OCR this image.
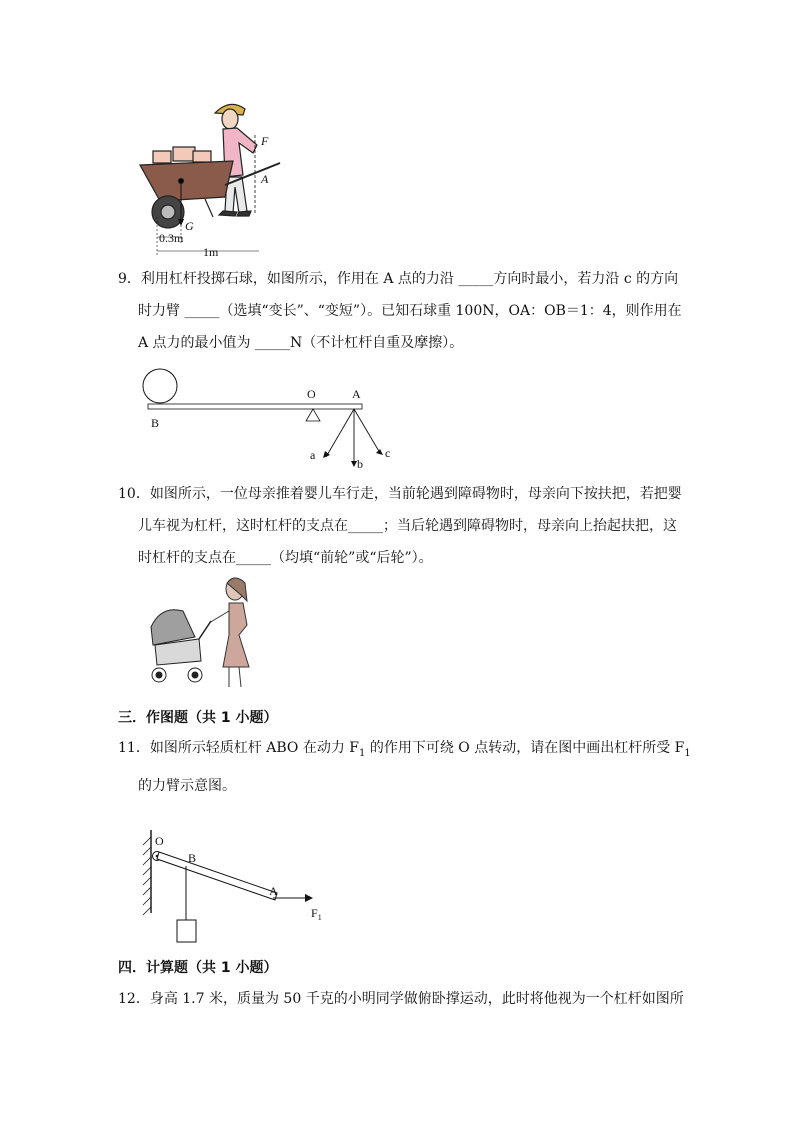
G
F
A
0.3m
1m
9．利用杠杆投掷石球，如图所示，作用在 A 点的力沿 _____方向时最小，若力沿 c 的方向
时力臂 _____（选填“变长”、“变短”）。已知石球重 100N，OA：OB＝1：4，则作用在
A 点力的最小值为 _____N（不计杠杆自重及摩擦）。
B
O	A
a
b
c
10．如图所示，一位母亲推着婴儿车行走，当前轮遇到障碍物时，母亲向下按扶把，若把婴
儿车视为杠杆，这时杠杆的支点在_____；当后轮遇到障碍物时，母亲向上抬起扶把，这
时杠杆的支点在_____（均填“前轮”或“后轮”）。
三．作图题（共 1 小题）
11．如图所示轻质杠杆 ABO 在动力 $F_1$ 的作用下可绕 O 点转动，请在图中画出杠杆所受 $F_1$
的力臂示意图。
O
B
A
$F_1$
四．计算题（共 1 小题）
12．身高 1.7 米，质量为 50 千克的小明同学做俯卧撑运动，此时将他视为一个杠杆如图所
